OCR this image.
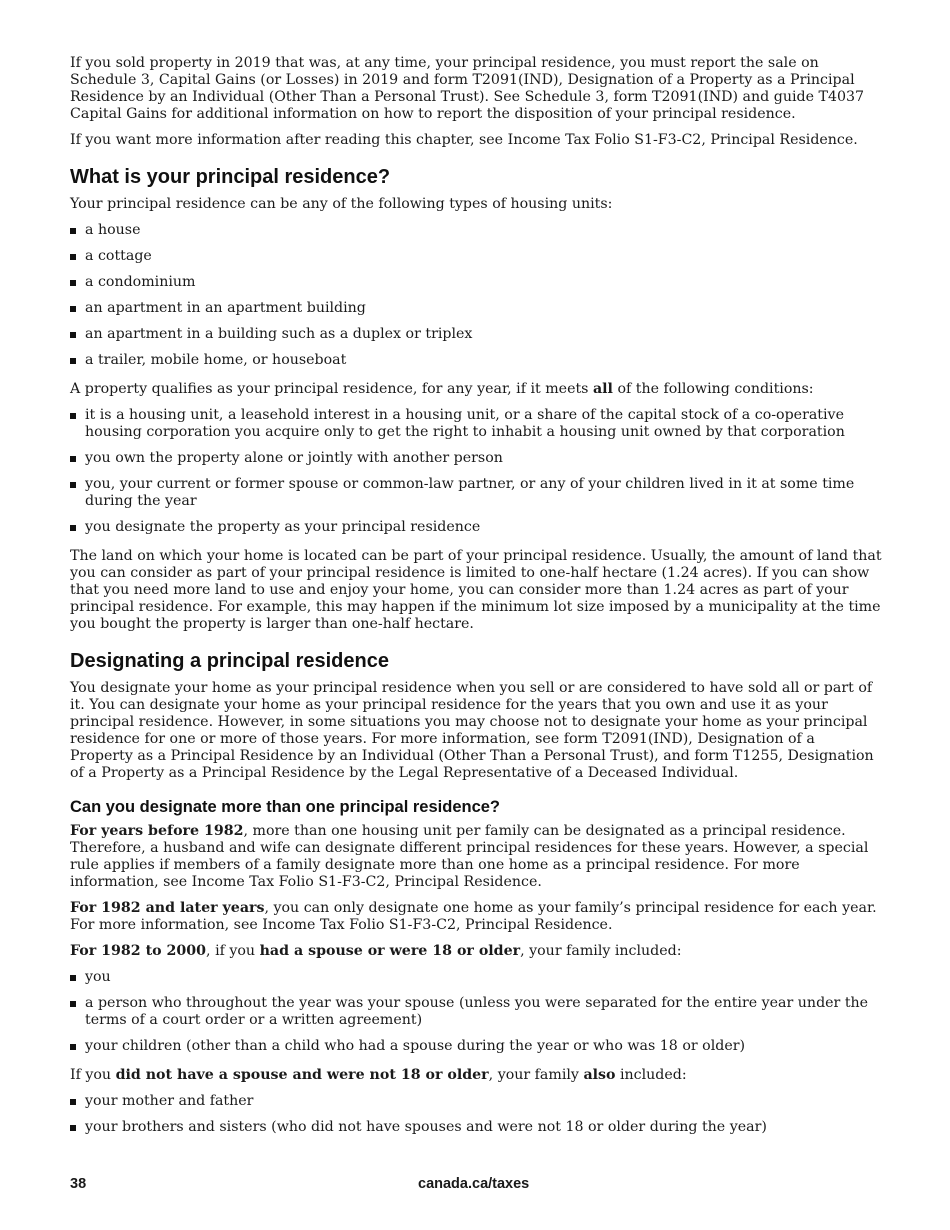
If you sold property in 2019 that was, at any time, your principal residence, you must report the sale on Schedule 3, Capital Gains (or Losses) in 2019 and form T2091(IND), Designation of a Property as a Principal Residence by an Individual (Other Than a Personal Trust). See Schedule 3, form T2091(IND) and guide T4037 Capital Gains for additional information on how to report the disposition of your principal residence.

If you want more information after reading this chapter, see Income Tax Folio S1-F3-C2, Principal Residence.

What is your principal residence?

Your principal residence can be any of the following types of housing units:

a house
a cottage
a condominium
an apartment in an apartment building
an apartment in a building such as a duplex or triplex
a trailer, mobile home, or houseboat

A property qualifies as your principal residence, for any year, if it meets all of the following conditions:

it is a housing unit, a leasehold interest in a housing unit, or a share of the capital stock of a co-operative housing corporation you acquire only to get the right to inhabit a housing unit owned by that corporation
you own the property alone or jointly with another person
you, your current or former spouse or common-law partner, or any of your children lived in it at some time during the year
you designate the property as your principal residence

The land on which your home is located can be part of your principal residence. Usually, the amount of land that you can consider as part of your principal residence is limited to one-half hectare (1.24 acres). If you can show that you need more land to use and enjoy your home, you can consider more than 1.24 acres as part of your principal residence. For example, this may happen if the minimum lot size imposed by a municipality at the time you bought the property is larger than one-half hectare.

Designating a principal residence

You designate your home as your principal residence when you sell or are considered to have sold all or part of it. You can designate your home as your principal residence for the years that you own and use it as your principal residence. However, in some situations you may choose not to designate your home as your principal residence for one or more of those years. For more information, see form T2091(IND), Designation of a Property as a Principal Residence by an Individual (Other Than a Personal Trust), and form T1255, Designation of a Property as a Principal Residence by the Legal Representative of a Deceased Individual.

Can you designate more than one principal residence?

For years before 1982, more than one housing unit per family can be designated as a principal residence. Therefore, a husband and wife can designate different principal residences for these years. However, a special rule applies if members of a family designate more than one home as a principal residence. For more information, see Income Tax Folio S1-F3-C2, Principal Residence.

For 1982 and later years, you can only designate one home as your family’s principal residence for each year. For more information, see Income Tax Folio S1-F3-C2, Principal Residence.

For 1982 to 2000, if you had a spouse or were 18 or older, your family included:

you
a person who throughout the year was your spouse (unless you were separated for the entire year under the terms of a court order or a written agreement)
your children (other than a child who had a spouse during the year or who was 18 or older)

If you did not have a spouse and were not 18 or older, your family also included:

your mother and father
your brothers and sisters (who did not have spouses and were not 18 or older during the year)
38	canada.ca/taxes
